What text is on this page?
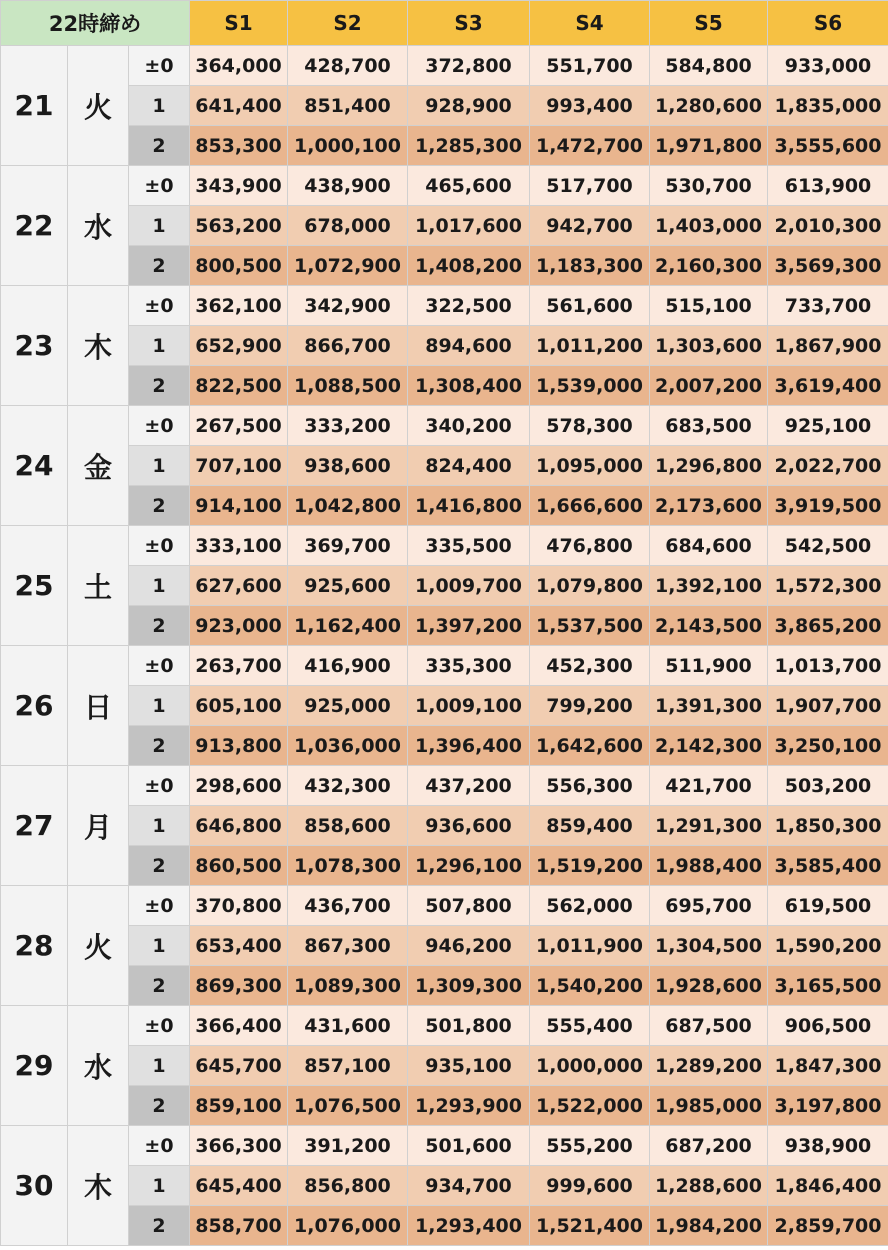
22時締め			S1	S2	S3	S4	S5	S6
21	火	±0	364,000	428,700	372,800	551,700	584,800	933,000
		1	641,400	851,400	928,900	993,400	1,280,600	1,835,000
		2	853,300	1,000,100	1,285,300	1,472,700	1,971,800	3,555,600
22	水	±0	343,900	438,900	465,600	517,700	530,700	613,900
		1	563,200	678,000	1,017,600	942,700	1,403,000	2,010,300
		2	800,500	1,072,900	1,408,200	1,183,300	2,160,300	3,569,300
23	木	±0	362,100	342,900	322,500	561,600	515,100	733,700
		1	652,900	866,700	894,600	1,011,200	1,303,600	1,867,900
		2	822,500	1,088,500	1,308,400	1,539,000	2,007,200	3,619,400
24	金	±0	267,500	333,200	340,200	578,300	683,500	925,100
		1	707,100	938,600	824,400	1,095,000	1,296,800	2,022,700
		2	914,100	1,042,800	1,416,800	1,666,600	2,173,600	3,919,500
25	土	±0	333,100	369,700	335,500	476,800	684,600	542,500
		1	627,600	925,600	1,009,700	1,079,800	1,392,100	1,572,300
		2	923,000	1,162,400	1,397,200	1,537,500	2,143,500	3,865,200
26	日	±0	263,700	416,900	335,300	452,300	511,900	1,013,700
		1	605,100	925,000	1,009,100	799,200	1,391,300	1,907,700
		2	913,800	1,036,000	1,396,400	1,642,600	2,142,300	3,250,100
27	月	±0	298,600	432,300	437,200	556,300	421,700	503,200
		1	646,800	858,600	936,600	859,400	1,291,300	1,850,300
		2	860,500	1,078,300	1,296,100	1,519,200	1,988,400	3,585,400
28	火	±0	370,800	436,700	507,800	562,000	695,700	619,500
		1	653,400	867,300	946,200	1,011,900	1,304,500	1,590,200
		2	869,300	1,089,300	1,309,300	1,540,200	1,928,600	3,165,500
29	水	±0	366,400	431,600	501,800	555,400	687,500	906,500
		1	645,700	857,100	935,100	1,000,000	1,289,200	1,847,300
		2	859,100	1,076,500	1,293,900	1,522,000	1,985,000	3,197,800
30	木	±0	366,300	391,200	501,600	555,200	687,200	938,900
		1	645,400	856,800	934,700	999,600	1,288,600	1,846,400
		2	858,700	1,076,000	1,293,400	1,521,400	1,984,200	2,859,700
